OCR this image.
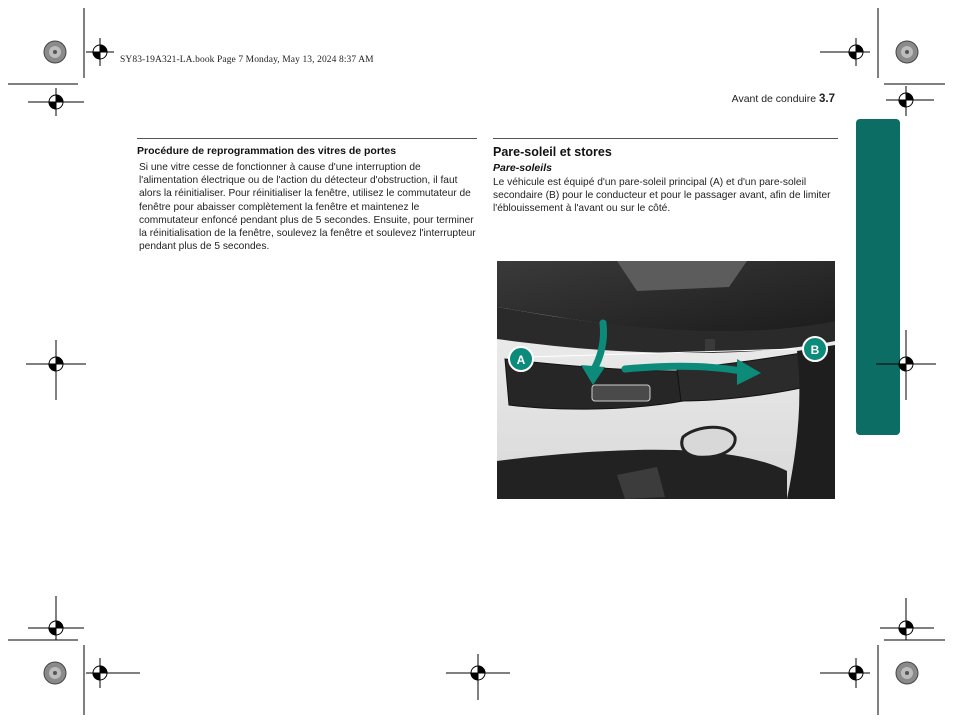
SY83-19A321-LA.book Page 7 Monday, May 13, 2024 8:37 AM
Avant de conduire 3.7
Procédure de reprogrammation des vitres de portes

Si une vitre cesse de fonctionner à cause d'une interruption de l'alimentation électrique ou de l'action du détecteur d'obstruction, il faut alors la réinitialiser. Pour réinitialiser la fenêtre, utilisez le commutateur de fenêtre pour abaisser complètement la fenêtre et maintenez le commutateur enfoncé pendant plus de 5 secondes. Ensuite, pour terminer la réinitialisation de la fenêtre, soulevez la fenêtre et soulevez l'interrupteur pendant plus de 5 secondes.

Pare-soleil et stores
Pare-soleils

Le véhicule est équipé d'un pare-soleil principal (A) et d'un pare-soleil secondaire (B) pour le conducteur et pour le passager avant, afin de limiter l'éblouissement à l'avant ou sur le côté.

A
B
